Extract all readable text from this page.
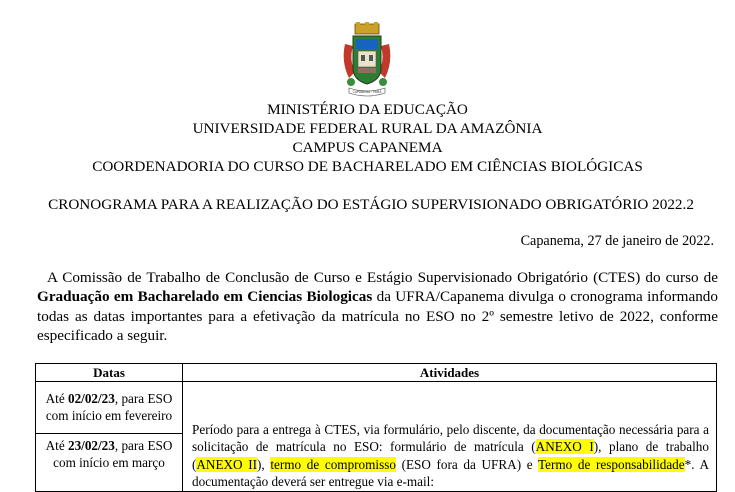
CAPANEMA · PARÁ
MINISTÉRIO DA EDUCAÇÃO
UNIVERSIDADE FEDERAL RURAL DA AMAZÔNIA
CAMPUS CAPANEMA
COORDENADORIA DO CURSO DE BACHARELADO EM CIÊNCIAS BIOLÓGICAS
CRONOGRAMA PARA A REALIZAÇÃO DO ESTÁGIO SUPERVISIONADO OBRIGATÓRIO 2022.2
Capanema, 27 de janeiro de 2022.
A Comissão de Trabalho de Conclusão de Curso e Estágio Supervisionado Obrigatório (CTES) do curso de Graduação em Bacharelado em Ciencias Biologicas da UFRA/Capanema divulga o cronograma informando todas as datas importantes para a efetivação da matrícula no ESO no 2º semestre letivo de 2022, conforme especificado a seguir.
Datas	Atividades
Até 02/02/23, para ESO com início em fevereiro	Período para a entrega à CTES, via formulário, pelo discente, da documentação necessária para a solicitação de matrícula no ESO: formulário de matrícula (ANEXO I), plano de trabalho (ANEXO II), termo de compromisso (ESO fora da UFRA) e Termo de responsabilidade*. A documentação deverá ser entregue via e-mail:

Até 23/02/23, para ESO com início em março	
